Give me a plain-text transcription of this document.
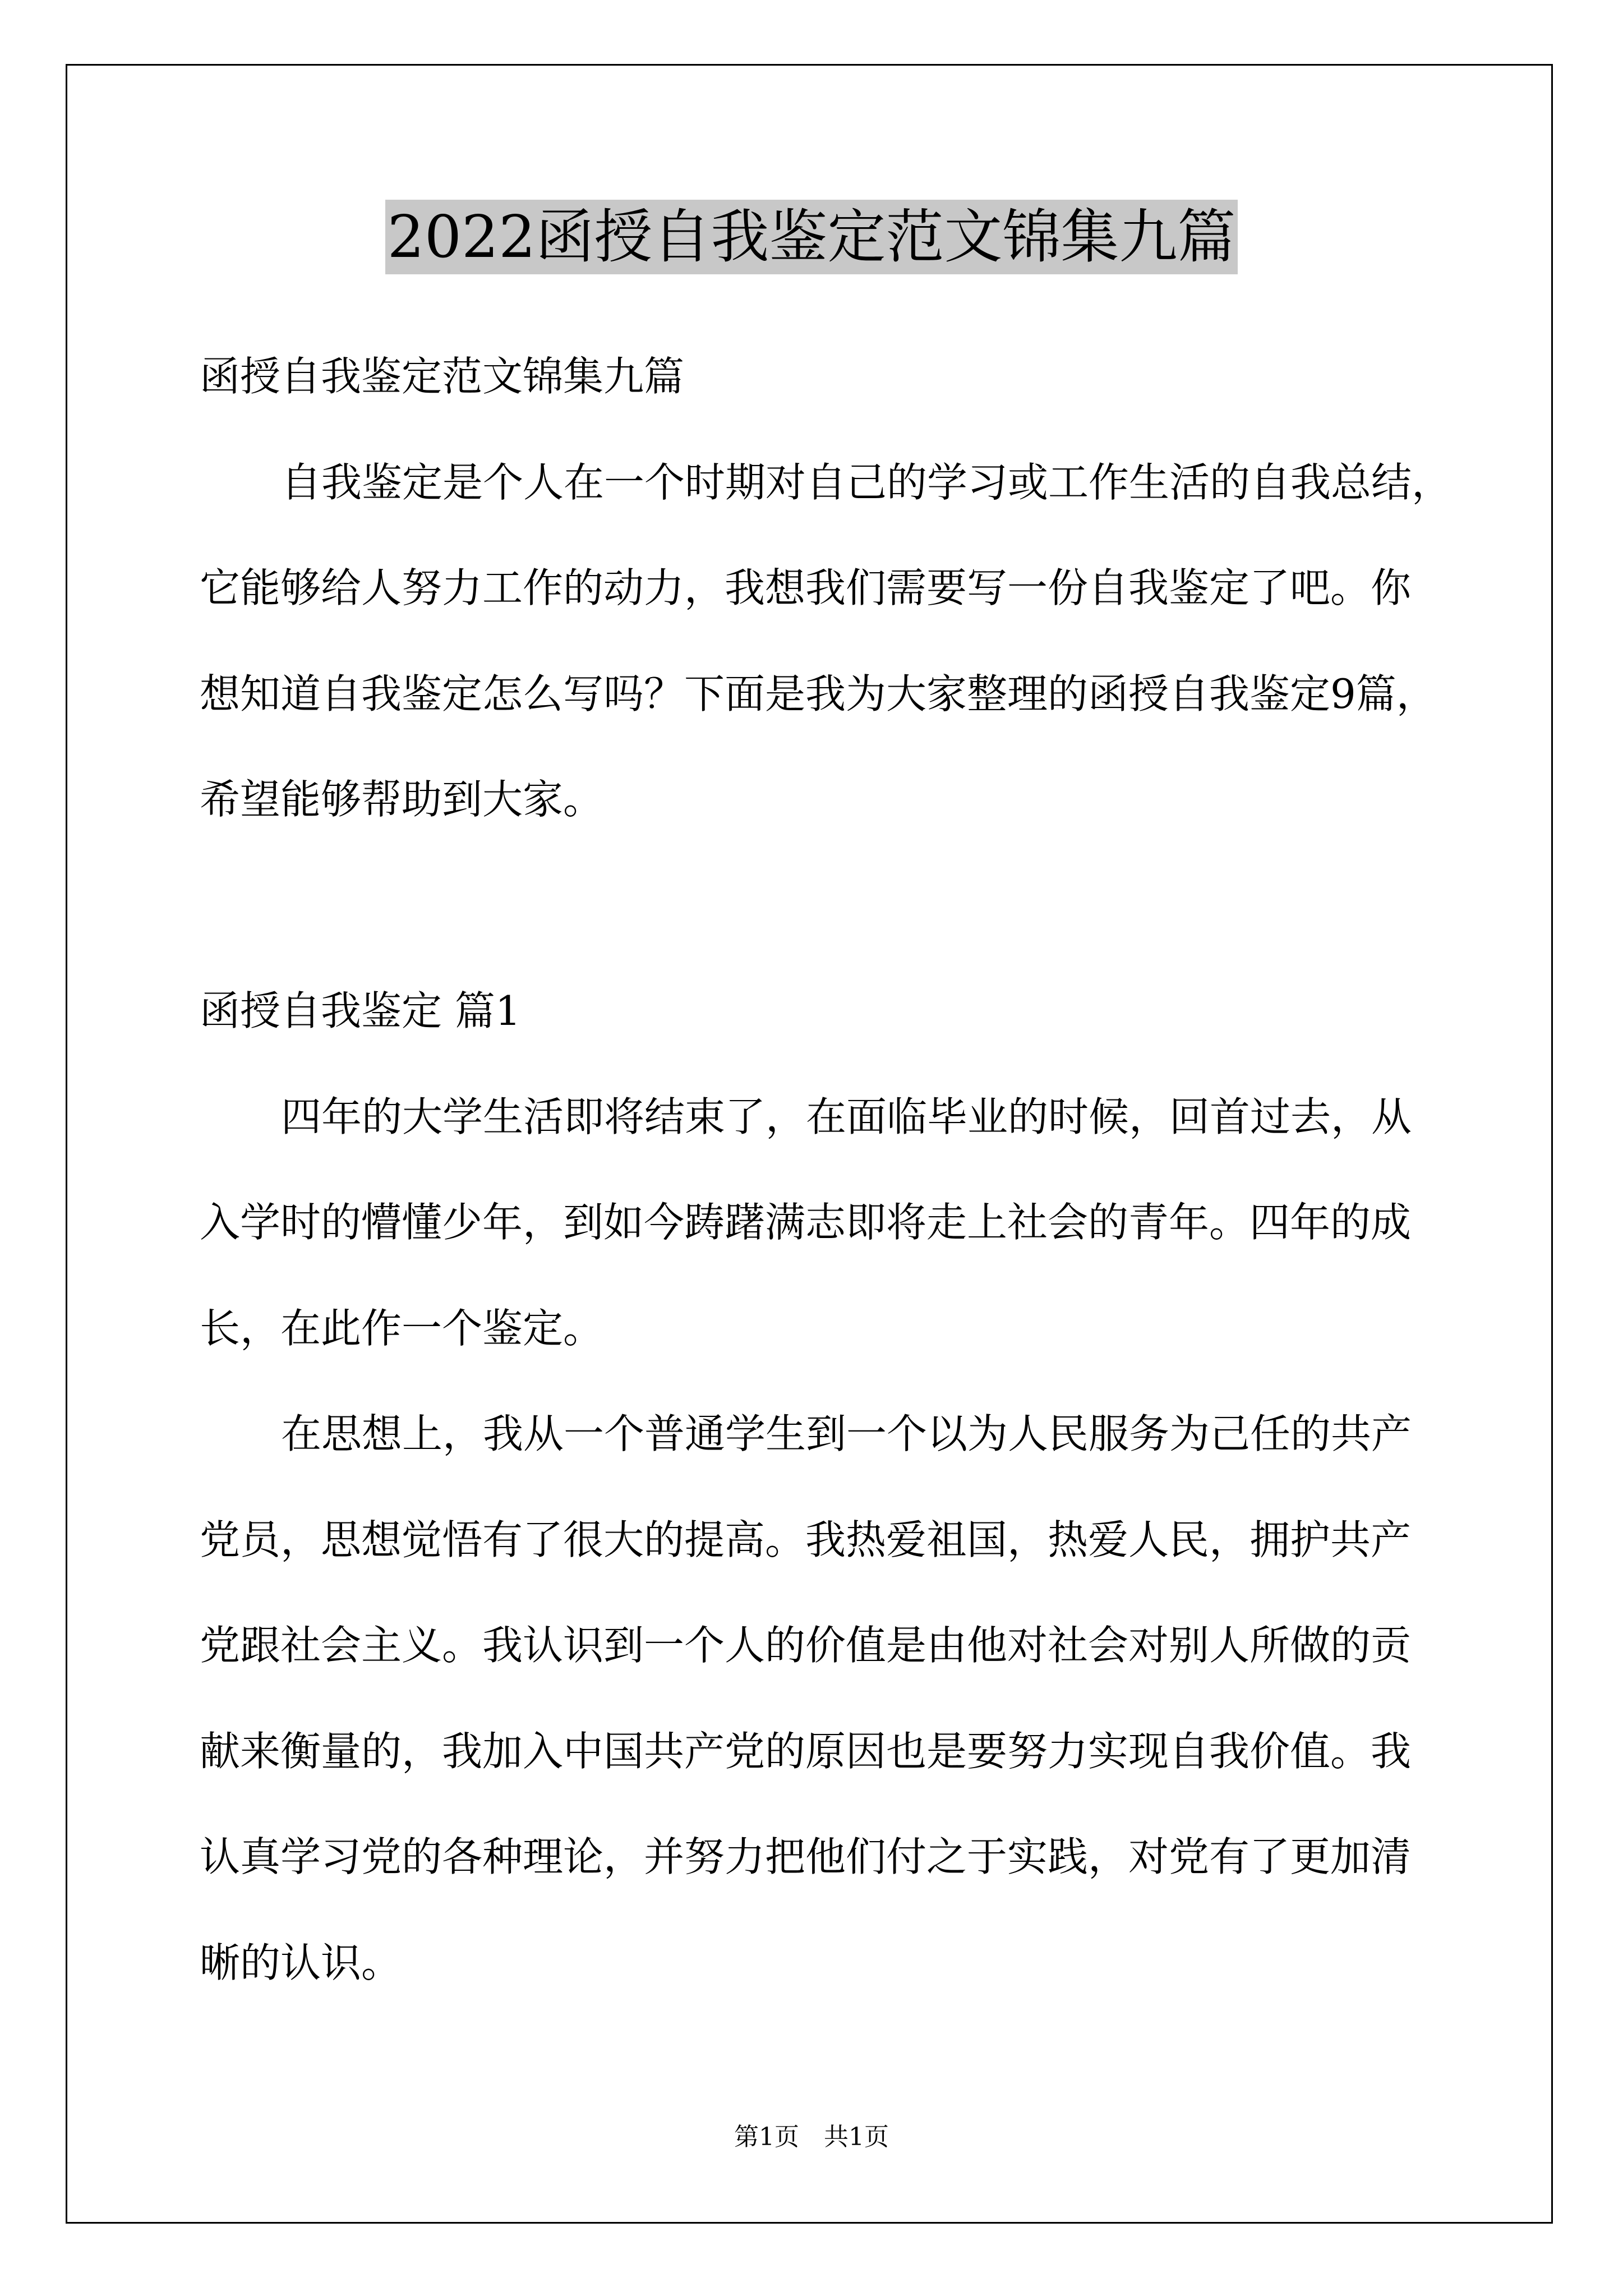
2022函授自我鉴定范文锦集九篇
函授自我鉴定范文锦集九篇
自我鉴定是个人在一个时期对自己的学习或工作生活的自我总结，
它能够给人努力工作的动力，我想我们需要写一份自我鉴定了吧。你
想知道自我鉴定怎么写吗？下面是我为大家整理的函授自我鉴定9篇，
希望能够帮助到大家。
函授自我鉴定 篇1
四年的大学生活即将结束了，在面临毕业的时候，回首过去，从
入学时的懵懂少年，到如今踌躇满志即将走上社会的青年。四年的成
长，在此作一个鉴定。
在思想上，我从一个普通学生到一个以为人民服务为己任的共产
党员，思想觉悟有了很大的提高。我热爱祖国，热爱人民，拥护共产
党跟社会主义。我认识到一个人的价值是由他对社会对别人所做的贡
献来衡量的，我加入中国共产党的原因也是要努力实现自我价值。我
认真学习党的各种理论，并努力把他们付之于实践，对党有了更加清
晰的认识。
第1页 共1页
